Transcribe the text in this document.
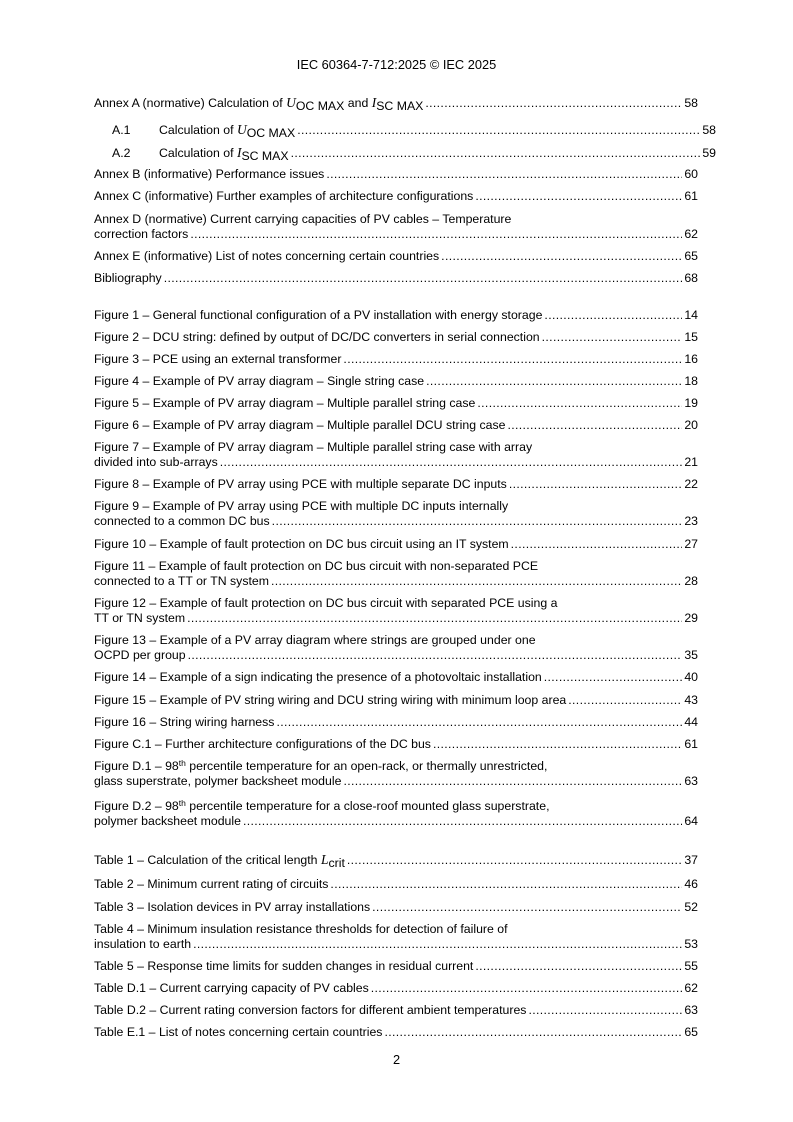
IEC 60364-7-712:2025 © IEC 2025
Annex A (normative) Calculation of UOC MAX and ISC MAX .....	58
A.1 Calculation of UOC MAX .....	58
A.2 Calculation of ISC MAX .....	59
Annex B (informative) Performance issues .....	60
Annex C (informative) Further examples of architecture configurations .....	61
Annex D (normative) Current carrying capacities of PV cables – Temperature
correction factors .....	62
Annex E (informative) List of notes concerning certain countries .....	65
Bibliography .....	68
Figure 1 – General functional configuration of a PV installation with energy storage .....	14
Figure 2 – DCU string: defined by output of DC/DC converters in serial connection .....	15
Figure 3 – PCE using an external transformer .....	16
Figure 4 – Example of PV array diagram – Single string case .....	18
Figure 5 – Example of PV array diagram – Multiple parallel string case .....	19
Figure 6 – Example of PV array diagram – Multiple parallel DCU string case .....	20
Figure 7 – Example of PV array diagram – Multiple parallel string case with array
divided into sub-arrays .....	21
Figure 8 – Example of PV array using PCE with multiple separate DC inputs .....	22
Figure 9 – Example of PV array using PCE with multiple DC inputs internally
connected to a common DC bus .....	23
Figure 10 – Example of fault protection on DC bus circuit using an IT system .....	27
Figure 11 – Example of fault protection on DC bus circuit with non-separated PCE
connected to a TT or TN system .....	28
Figure 12 – Example of fault protection on DC bus circuit with separated PCE using a
TT or TN system .....	29
Figure 13 – Example of a PV array diagram where strings are grouped under one
OCPD per group .....	35
Figure 14 – Example of a sign indicating the presence of a photovoltaic installation .....	40
Figure 15 – Example of PV string wiring and DCU string wiring with minimum loop area .....	43
Figure 16 – String wiring harness .....	44
Figure C.1 – Further architecture configurations of the DC bus .....	61
Figure D.1 – 98th percentile temperature for an open-rack, or thermally unrestricted,
glass superstrate, polymer backsheet module .....	63
Figure D.2 – 98th percentile temperature for a close-roof mounted glass superstrate,
polymer backsheet module .....	64
Table 1 – Calculation of the critical length Lcrit .....	37
Table 2 – Minimum current rating of circuits .....	46
Table 3 – Isolation devices in PV array installations .....	52
Table 4 – Minimum insulation resistance thresholds for detection of failure of
insulation to earth .....	53
Table 5 – Response time limits for sudden changes in residual current .....	55
Table D.1 – Current carrying capacity of PV cables .....	62
Table D.2 – Current rating conversion factors for different ambient temperatures .....	63
Table E.1 – List of notes concerning certain countries .....	65
2
